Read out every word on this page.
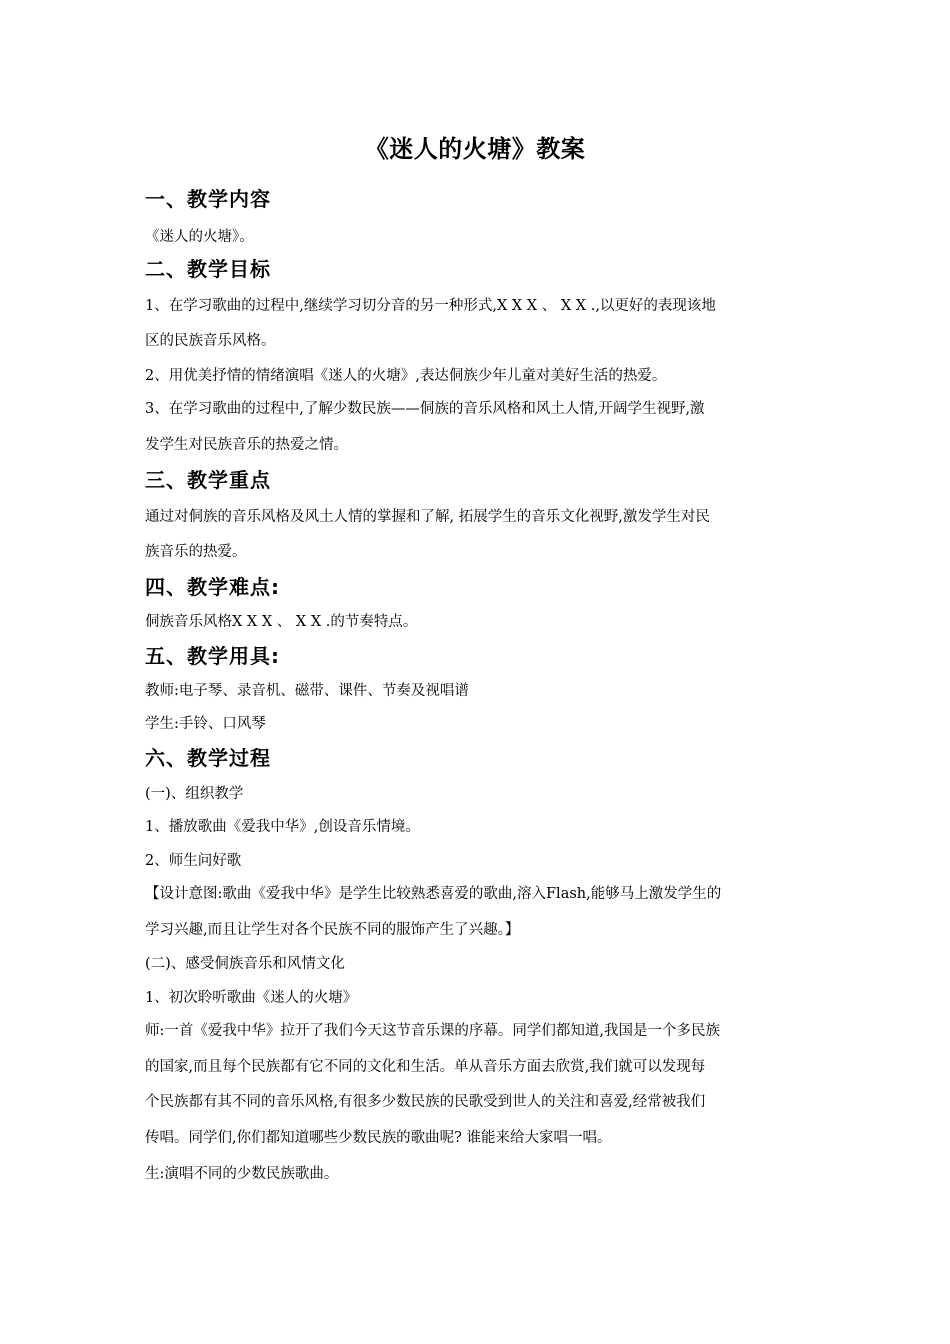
《迷人的火塘》教案
一、教学内容
《迷人的火塘》。
二、教学目标
1、在学习歌曲的过程中,继续学习切分音的另一种形式,X X X 、 X X .,以更好的表现该地
区的民族音乐风格。
2、用优美抒情的情绪演唱《迷人的火塘》,表达侗族少年儿童对美好生活的热爱。
3、在学习歌曲的过程中,了解少数民族——侗族的音乐风格和风土人情,开阔学生视野,激
发学生对民族音乐的热爱之情。
三、教学重点
通过对侗族的音乐风格及风土人情的掌握和了解, 拓展学生的音乐文化视野,激发学生对民
族音乐的热爱。
四、教学难点:
侗族音乐风格X X X 、 X X .的节奏特点。
五、教学用具:
教师:电子琴、录音机、磁带、课件、节奏及视唱谱
学生:手铃、口风琴
六、教学过程
(一)、组织教学
1、播放歌曲《爱我中华》,创设音乐情境。
2、师生问好歌
【设计意图:歌曲《爱我中华》是学生比较熟悉喜爱的歌曲,溶入Flash,能够马上激发学生的
学习兴趣,而且让学生对各个民族不同的服饰产生了兴趣。】
(二)、感受侗族音乐和风情文化
1、初次聆听歌曲《迷人的火塘》
师:一首《爱我中华》拉开了我们今天这节音乐课的序幕。同学们都知道,我国是一个多民族
的国家,而且每个民族都有它不同的文化和生活。单从音乐方面去欣赏,我们就可以发现每
个民族都有其不同的音乐风格,有很多少数民族的民歌受到世人的关注和喜爱,经常被我们
传唱。同学们,你们都知道哪些少数民族的歌曲呢? 谁能来给大家唱一唱。
生:演唱不同的少数民族歌曲。
